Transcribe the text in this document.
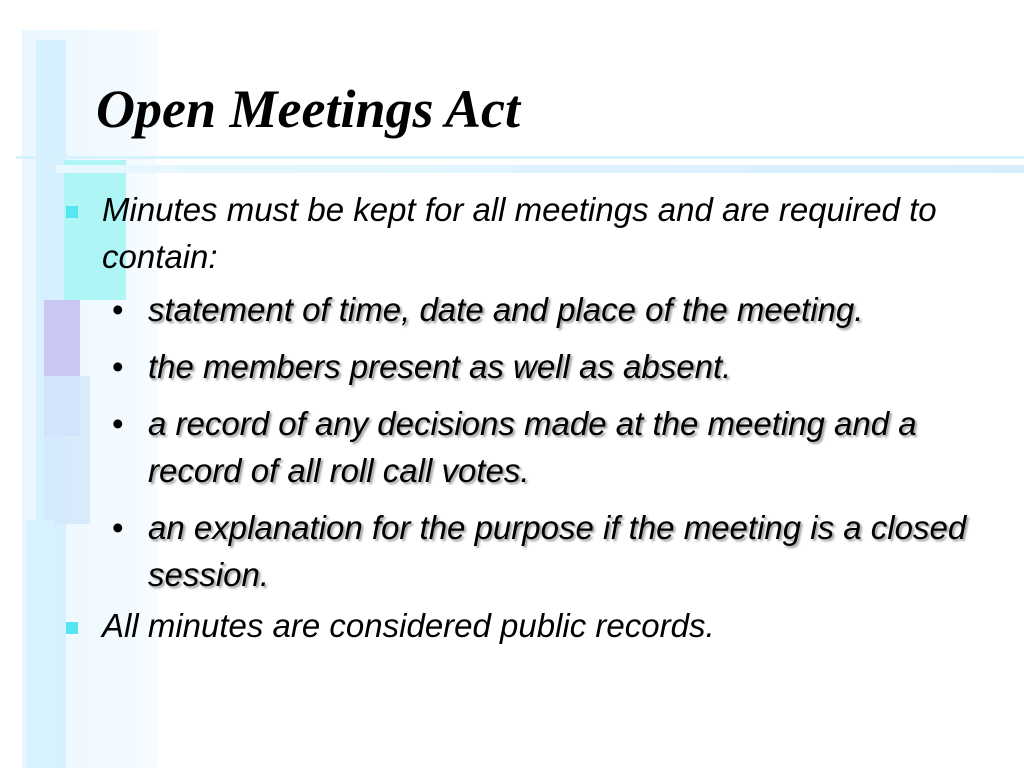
Open Meetings Act
Minutes must be kept for all meetings and are required to contain:
• statement of time, date and place of the meeting.
• the members present as well as absent.
• a record of any decisions made at the meeting and a record of all roll call votes.
• an explanation for the purpose if the meeting is a closed session.
All minutes are considered public records.
